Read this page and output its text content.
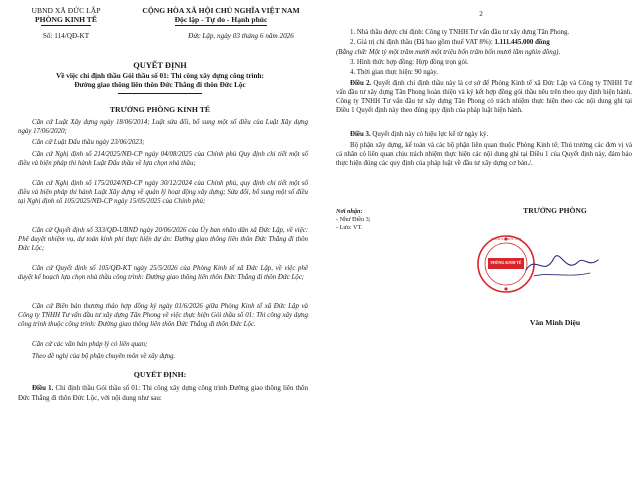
UBND XÃ ĐỨC LẬP
PHÒNG KINH TẾ
Số: 114/QĐ-KT
CỘNG HÒA XÃ HỘI CHỦ NGHĨA VIỆT NAM
Độc lập - Tự do - Hạnh phúc
Đức Lập, ngày 03 tháng 6 năm 2026
QUYẾT ĐỊNH
Về việc chỉ định thầu Gói thầu số 01: Thi công xây dựng công trình:
Đường giao thông liên thôn Đức Thắng đi thôn Đức Lộc
TRƯỞNG PHÒNG KINH TẾ
Căn cứ Luật Xây dựng ngày 18/06/2014; Luật sửa đổi, bổ sung một số điều của Luật Xây dựng ngày 17/06/2020;
Căn cứ Luật Đấu thầu ngày 23/06/2023;
Căn cứ Nghị định số 214/2025/NĐ-CP ngày 04/08/2025 của Chính phủ Quy định chi tiết một số điều và biện pháp thi hành Luật Đấu thầu về lựa chọn nhà thầu;
Căn cứ Nghị định số 175/2024/NĐ-CP ngày 30/12/2024 của Chính phủ, quy định chi tiết một số điều và biện pháp thi hành Luật Xây dựng về quản lý hoạt động xây dựng; Sửa đổi, bổ sung một số điều tại Nghị định số 105/2025/NĐ-CP ngày 15/05/2025 của Chính phủ;
Căn cứ Quyết định số 333/QĐ-UBND ngày 20/06/2026 của Ủy ban nhân dân xã Đức Lập, về việc: Phê duyệt nhiệm vụ, dự toán kinh phí thực hiện dự án: Đường giao thông liên thôn Đức Thắng đi thôn Đức Lộc;
Căn cứ Quyết định số 105/QĐ-KT ngày 25/5/2026 của Phòng Kinh tế xã Đức Lập, về việc phê duyệt kế hoạch lựa chọn nhà thầu công trình: Đường giao thông liên thôn Đức Thắng đi thôn Đức Lộc;
Căn cứ Biên bản thương thảo hợp đồng ký ngày 01/6/2026 giữa Phòng Kinh tế xã Đức Lập và Công ty TNHH Tư vấn đầu tư xây dựng Tân Phong về việc thực hiện Gói thầu số 01: Thi công xây dựng công trình thuộc công trình: Đường giao thông liên thôn Đức Thắng đi thôn Đức Lộc.
Căn cứ các văn bản pháp lý có liên quan;
Theo đề nghị của bộ phận chuyên môn về xây dựng.
QUYẾT ĐỊNH:
Điều 1. Chỉ định thầu Gói thầu số 01: Thi công xây dựng công trình Đường giao thông liên thôn Đức Thắng đi thôn Đức Lộc, với nội dung như sau:
2
1. Nhà thầu được chỉ định: Công ty TNHH Tư vấn đầu tư xây dựng Tân Phong.
2. Giá trị chỉ định thầu (Đã bao gồm thuế VAT 8%): 1.111.445.000 đồng
(Bằng chữ: Một tỷ một trăm mười một triệu bốn trăm bốn mươi lăm nghìn đồng).
3. Hình thức hợp đồng: Hợp đồng trọn gói.
4. Thời gian thực hiện: 90 ngày.
Điều 2. Quyết định chỉ định thầu này là cơ sở để Phòng Kinh tế xã Đức Lập và Công ty TNHH Tư vấn đầu tư xây dựng Tân Phong hoàn thiện và ký kết hợp đồng gói thầu nêu trên theo quy định hiện hành. Công ty TNHH Tư vấn đầu tư xây dựng Tân Phong có trách nhiệm thực hiện theo các nội dung ghi tại Điều 1 Quyết định này theo đúng quy định của pháp luật hiện hành.
Điều 3. Quyết định này có hiệu lực kể từ ngày ký.
Bộ phận xây dựng, kế toán và các bộ phận liên quan thuộc Phòng Kinh tế; Thủ trưởng các đơn vị và cá nhân có liên quan chịu trách nhiệm thực hiện các nội dung ghi tại Điều 1 của Quyết định này, đảm bảo thực hiện đúng các quy định của pháp luật về đầu tư xây dựng cơ bản./.
Nơi nhận:
- Như Điều 3;
- Lưu: VT.
TRƯỞNG PHÒNG
PHÒNG KINH TẾ
UBND XÃ ĐỨC LẬP
Văn Minh Diệu
